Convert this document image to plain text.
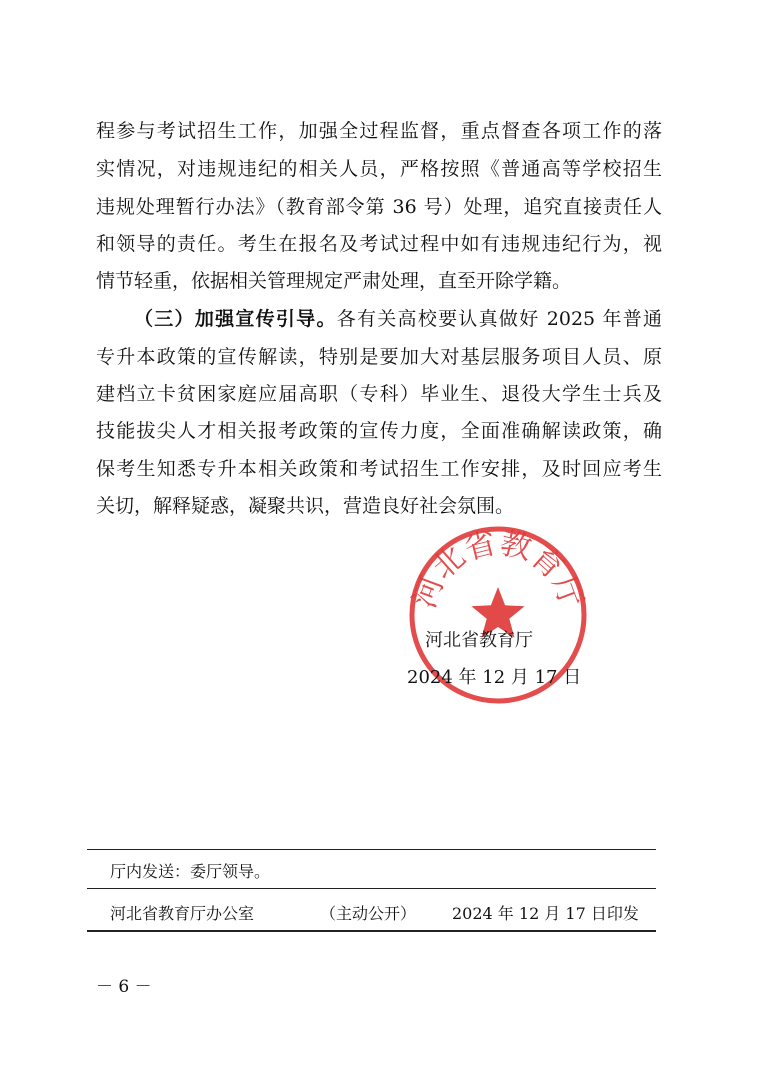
程参与考试招生工作，加强全过程监督，重点督查各项工作的落
实情况，对违规违纪的相关人员，严格按照《普通高等学校招生
违规处理暂行办法》（教育部令第 36 号）处理，追究直接责任人
和领导的责任。考生在报名及考试过程中如有违规违纪行为，视
情节轻重，依据相关管理规定严肃处理，直至开除学籍。
（三）加强宣传引导。各有关高校要认真做好 2025 年普通
专升本政策的宣传解读，特别是要加大对基层服务项目人员、原
建档立卡贫困家庭应届高职（专科）毕业生、退役大学生士兵及
技能拔尖人才相关报考政策的宣传力度，全面准确解读政策，确
保考生知悉专升本相关政策和考试招生工作安排，及时回应考生
关切，解释疑惑，凝聚共识，营造良好社会氛围。
河北省教育厅
河北省教育厅
2024 年 12 月 17 日
厅内发送：委厅领导。
河北省教育厅办公室	（主动公开） 2024 年 12 月 17 日印发
－ 6 －
